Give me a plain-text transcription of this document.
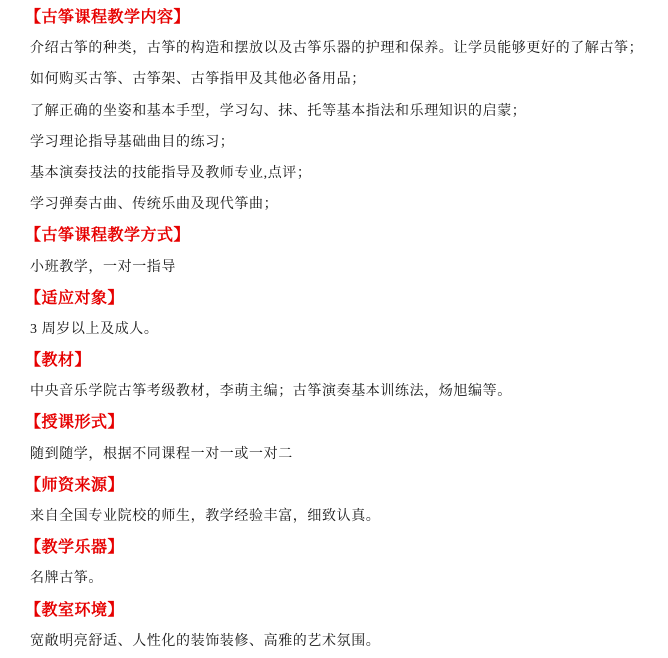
【古筝课程教学内容】
介绍古筝的种类，古筝的构造和摆放以及古筝乐器的护理和保养。让学员能够更好的了解古筝；
如何购买古筝、古筝架、古筝指甲及其他必备用品；
了解正确的坐姿和基本手型，学习勾、抹、托等基本指法和乐理知识的启蒙；
学习理论指导基础曲目的练习；
基本演奏技法的技能指导及教师专业,点评；
学习弹奏古曲、传统乐曲及现代筝曲；
【古筝课程教学方式】
小班教学，一对一指导
【适应对象】
3 周岁以上及成人。
【教材】
中央音乐学院古筝考级教材，李萌主编；古筝演奏基本训练法，炀旭编等。
【授课形式】
随到随学，根据不同课程一对一或一对二
【师资来源】
来自全国专业院校的师生，教学经验丰富，细致认真。
【教学乐器】
名牌古筝。
【教室环境】
宽敞明亮舒适、人性化的装饰装修、高雅的艺术氛围。
